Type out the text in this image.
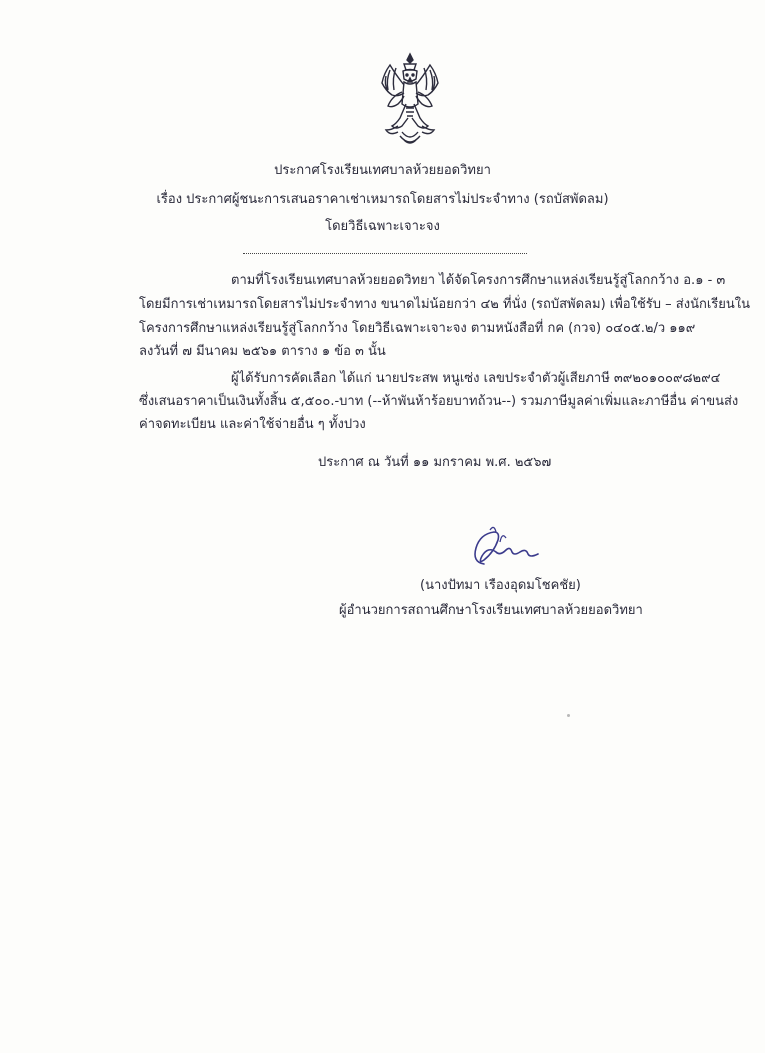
ประกาศโรงเรียนเทศบาลห้วยยอดวิทยา
เรื่อง ประกาศผู้ชนะการเสนอราคาเช่าเหมารถโดยสารไม่ประจำทาง (รถบัสพัดลม)
โดยวิธีเฉพาะเจาะจง
ตามที่โรงเรียนเทศบาลห้วยยอดวิทยา ได้จัดโครงการศึกษาแหล่งเรียนรู้สู่โลกกว้าง อ.๑ - ๓
โดยมีการเช่าเหมารถโดยสารไม่ประจำทาง ขนาดไม่น้อยกว่า ๔๒ ที่นั่ง (รถบัสพัดลม) เพื่อใช้รับ – ส่งนักเรียนใน
โครงการศึกษาแหล่งเรียนรู้สู่โลกกว้าง โดยวิธีเฉพาะเจาะจง ตามหนังสือที่ กค (กวจ) ๐๔๐๕.๒/ว ๑๑๙
ลงวันที่ ๗ มีนาคม ๒๕๖๑ ตาราง ๑ ข้อ ๓ นั้น
ผู้ได้รับการคัดเลือก ได้แก่ นายประสพ หนูเซ่ง เลขประจำตัวผู้เสียภาษี ๓๙๒๐๑๐๐๙๘๒๙๔
ซึ่งเสนอราคาเป็นเงินทั้งสิ้น ๕,๕๐๐.-บาท (--ห้าพันห้าร้อยบาทถ้วน--) รวมภาษีมูลค่าเพิ่มและภาษีอื่น ค่าขนส่ง
ค่าจดทะเบียน และค่าใช้จ่ายอื่น ๆ ทั้งปวง
ประกาศ ณ วันที่ ๑๑ มกราคม พ.ศ. ๒๕๖๗
(นางปัทมา เรืองอุดมโชคชัย)
ผู้อำนวยการสถานศึกษาโรงเรียนเทศบาลห้วยยอดวิทยา
